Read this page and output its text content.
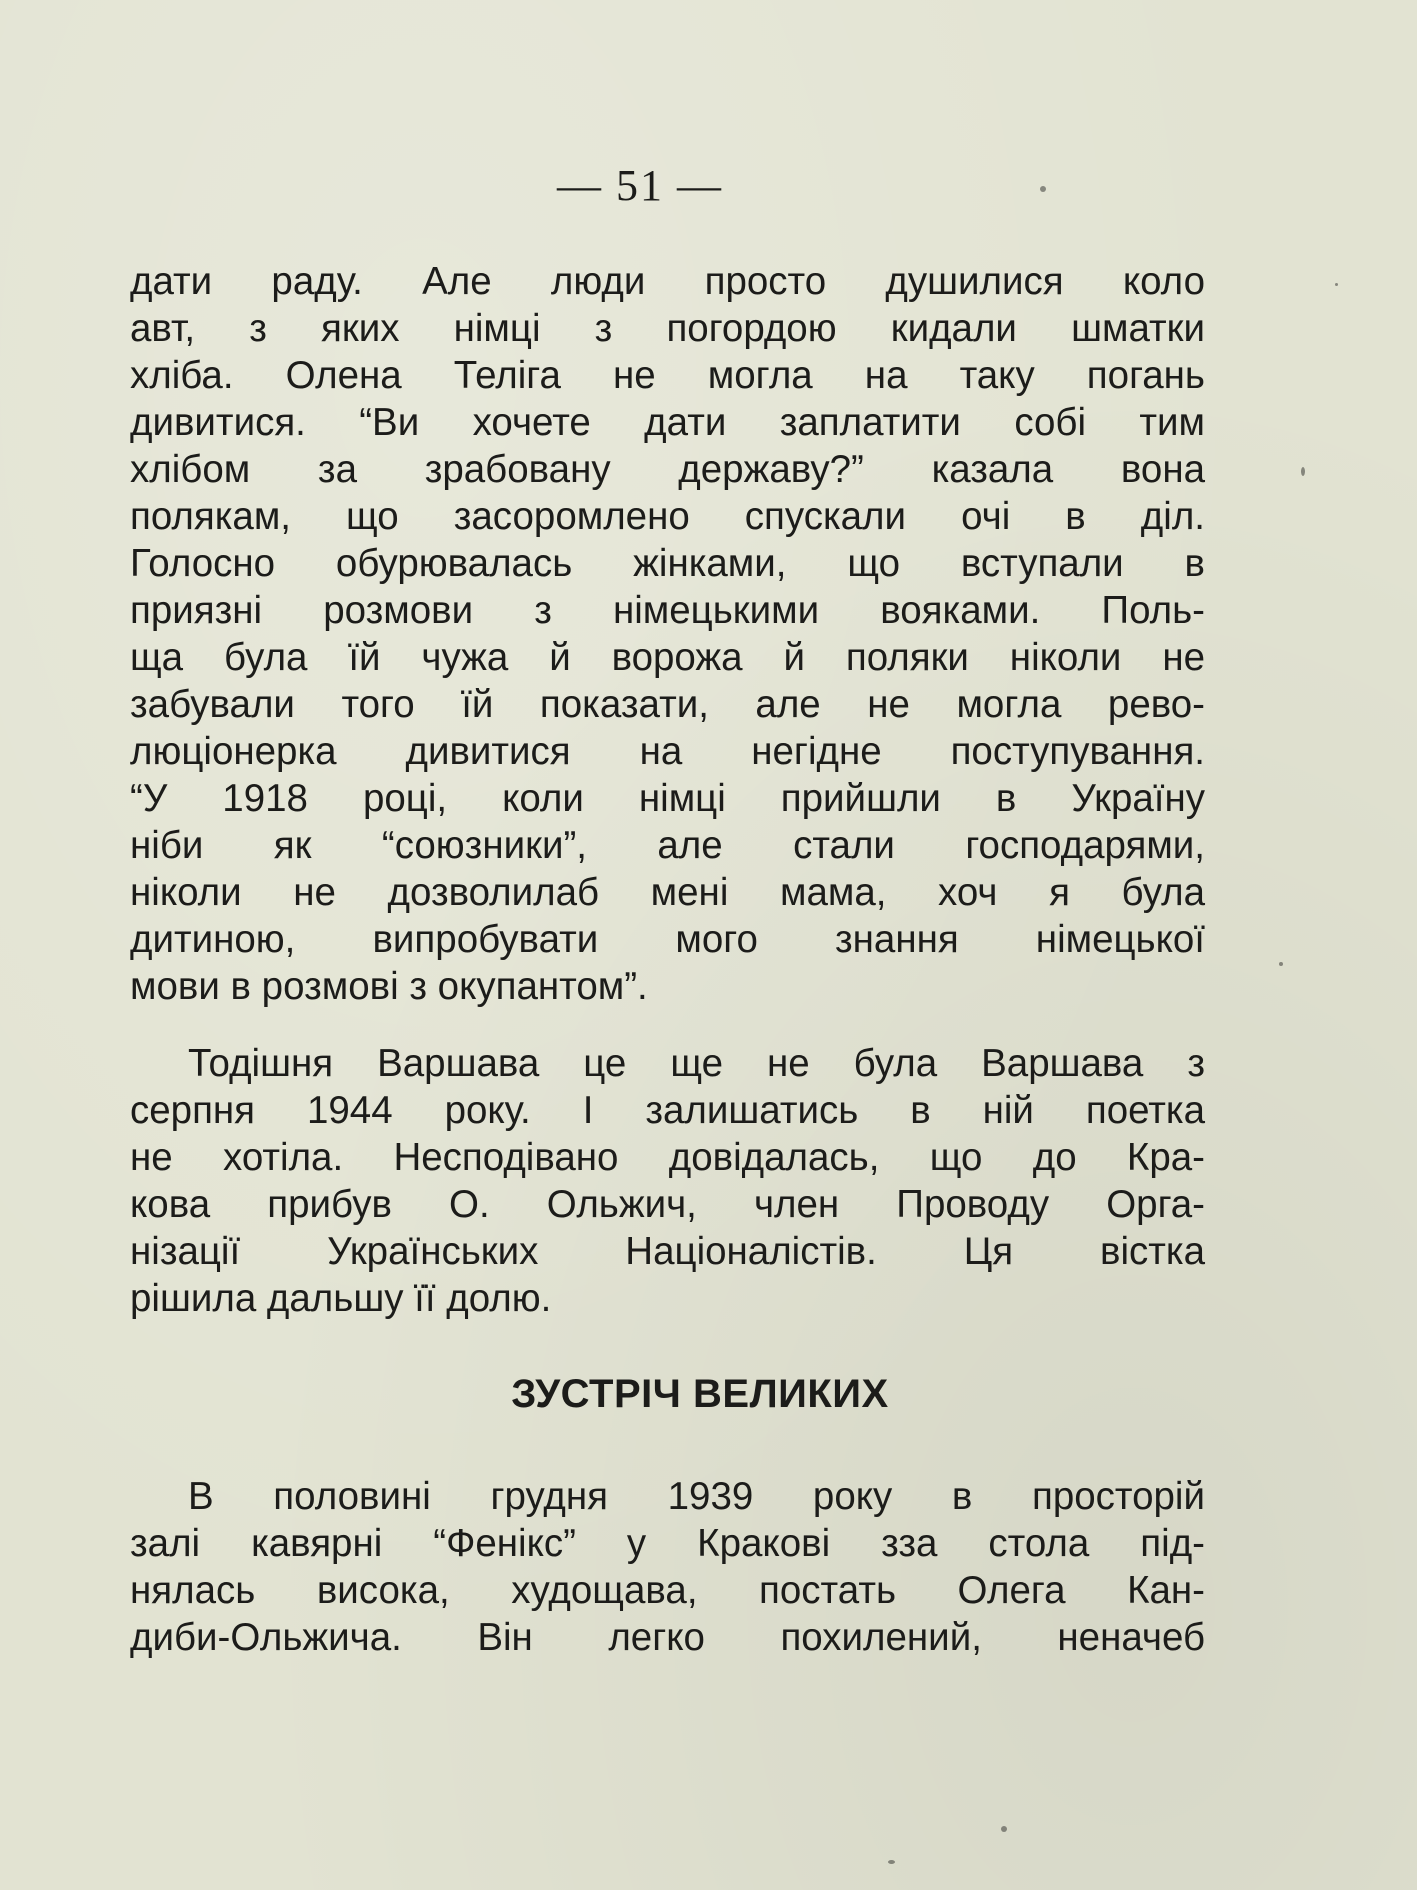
— 51 —
дати раду. Але люди просто душилися коло
авт, з яких німці з погордою кидали шматки
хліба. Олена Теліга не могла на таку погань
дивитися. “Ви хочете дати заплатити собі тим
хлібом за зрабовану державу?” казала вона
полякам, що засоромлено спускали очі в діл.
Голосно обурювалась жінками, що вступали в
приязні розмови з німецькими вояками. Поль-
ща була їй чужа й ворожа й поляки ніколи не
забували того їй показати, але не могла рево-
люціонерка дивитися на негідне поступування.
“У 1918 році, коли німці прийшли в Україну
ніби як “союзники”, але стали господарями,
ніколи не дозволилаб мені мама, хоч я була
дитиною, випробувати мого знання німецької
мови в розмові з окупантом”.
Тодішня Варшава це ще не була Варшава з
серпня 1944 року. І залишатись в ній поетка
не хотіла. Несподівано довідалась, що до Кра-
кова прибув О. Ольжич, член Проводу Орга-
нізації Українських Націоналістів. Ця вістка
рішила дальшу її долю.
ЗУСТРІЧ ВЕЛИКИХ
В половині грудня 1939 року в просторій
залі кавярні “Фенікс” у Кракові зза стола під-
нялась висока, худощава, постать Олега Кан-
диби-Ольжича. Він легко похилений, неначеб
